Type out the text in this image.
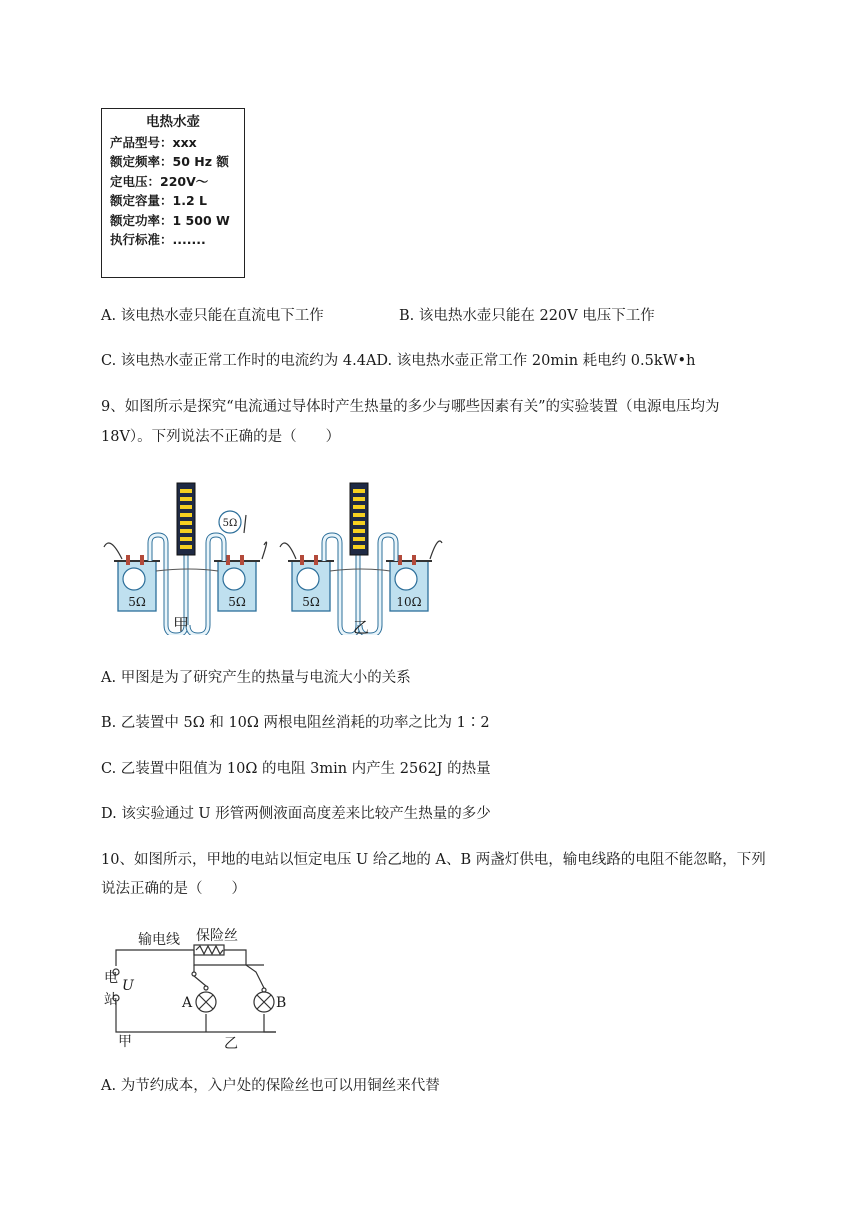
电热水壶
产品型号：xxx
额定频率：50 Hz 额
定电压：220V～
额定容量：1.2 L
额定功率：1 500 W
执行标准：.......
A. 该电热水壶只能在直流电下工作	B. 该电热水壶只能在 220V 电压下工作
C. 该电热水壶正常工作时的电流约为 4.4AD. 该电热水壶正常工作 20min 耗电约 0.5kW•h
9、如图所示是探究“电流通过导体时产生热量的多少与哪些因素有关”的实验装置（电源电压均为
18V）。下列说法不正确的是（　　）
5Ω
5Ω	5Ω
甲
5Ω	10Ω
乙
A. 甲图是为了研究产生的热量与电流大小的关系
B. 乙装置中 5Ω 和 10Ω 两根电阻丝消耗的功率之比为 1∶2
C. 乙装置中阻值为 10Ω 的电阻 3min 内产生 2562J 的热量
D. 该实验通过 U 形管两侧液面高度差来比较产生热量的多少
10、如图所示，甲地的电站以恒定电压 U 给乙地的 A、B 两盏灯供电，输电线路的电阻不能忽略，下列
说法正确的是（　　）
输电线 保险丝
电
站
U
A	B
甲	乙
A. 为节约成本，入户处的保险丝也可以用铜丝来代替
